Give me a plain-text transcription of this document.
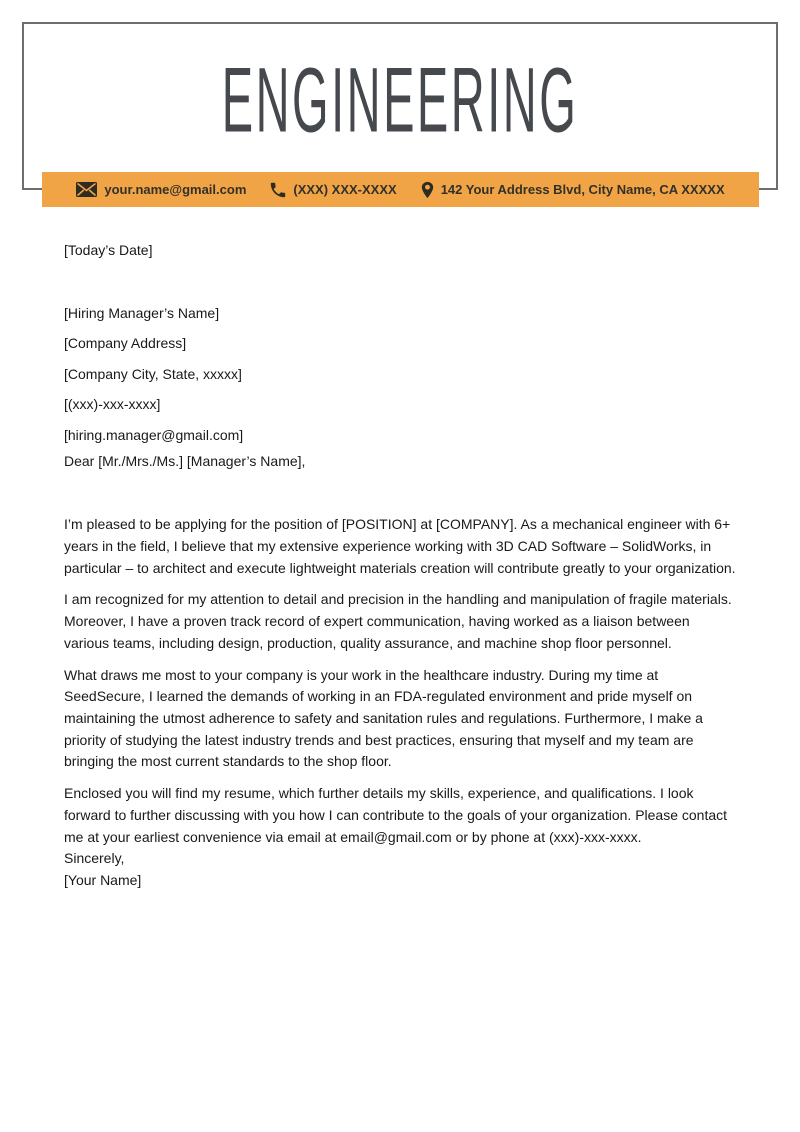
ENGINEERING
your.name@gmail.com	(XXX) XXX-XXXX	142 Your Address Blvd, City Name, CA XXXXX

[Today’s Date]

[Hiring Manager’s Name]

[Company Address]

[Company City, State, xxxxx]

[(xxx)-xxx-xxxx]

[hiring.manager@gmail.com]

Dear [Mr./Mrs./Ms.] [Manager’s Name],

I’m pleased to be applying for the position of [POSITION] at [COMPANY]. As a mechanical engineer with 6+ years in the field, I believe that my extensive experience working with 3D CAD Software – SolidWorks, in particular – to architect and execute lightweight materials creation will contribute greatly to your organization.

I am recognized for my attention to detail and precision in the handling and manipulation of fragile materials. Moreover, I have a proven track record of expert communication, having worked as a liaison between various teams, including design, production, quality assurance, and machine shop floor personnel.

What draws me most to your company is your work in the healthcare industry. During my time at SeedSecure, I learned the demands of working in an FDA-regulated environment and pride myself on maintaining the utmost adherence to safety and sanitation rules and regulations. Furthermore, I make a priority of studying the latest industry trends and best practices, ensuring that myself and my team are bringing the most current standards to the shop floor.

Enclosed you will find my resume, which further details my skills, experience, and qualifications. I look forward to further discussing with you how I can contribute to the goals of your organization. Please contact me at your earliest convenience via email at email@gmail.com or by phone at (xxx)-xxx-xxxx.

Sincerely,

[Your Name]
